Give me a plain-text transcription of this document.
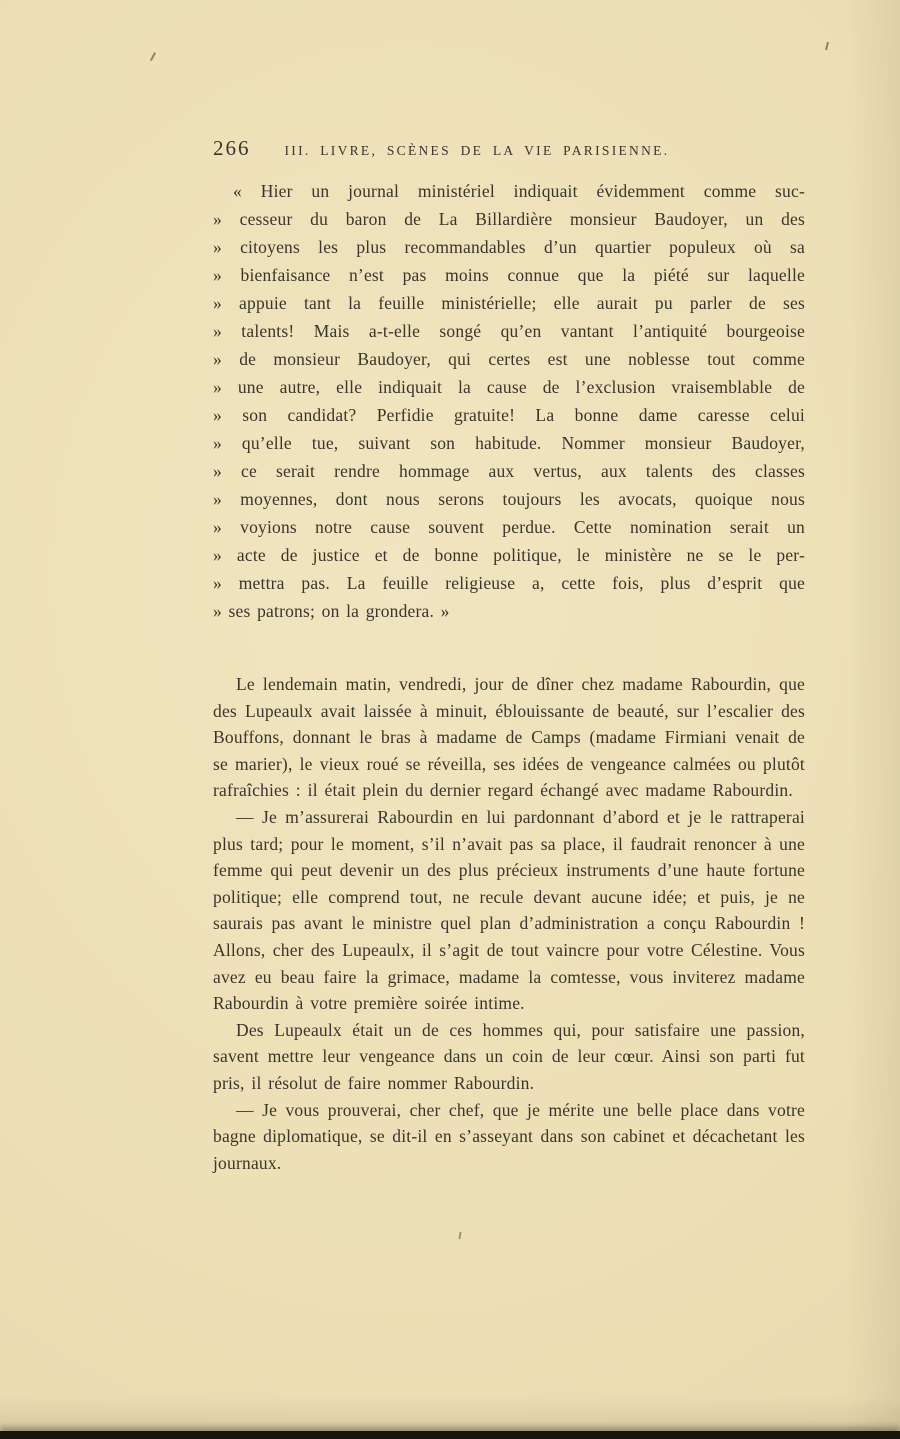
266	III. LIVRE, SCÈNES DE LA VIE PARISIENNE.
« Hier un journal ministériel indiquait évidemment comme suc-
» cesseur du baron de La Billardière monsieur Baudoyer, un des
» citoyens les plus recommandables d’un quartier populeux où sa
» bienfaisance n’est pas moins connue que la piété sur laquelle
» appuie tant la feuille ministérielle; elle aurait pu parler de ses
» talents! Mais a-t-elle songé qu’en vantant l’antiquité bourgeoise
» de monsieur Baudoyer, qui certes est une noblesse tout comme
» une autre, elle indiquait la cause de l’exclusion vraisemblable de
» son candidat? Perfidie gratuite! La bonne dame caresse celui
» qu’elle tue, suivant son habitude. Nommer monsieur Baudoyer,
» ce serait rendre hommage aux vertus, aux talents des classes
» moyennes, dont nous serons toujours les avocats, quoique nous
» voyions notre cause souvent perdue. Cette nomination serait un
» acte de justice et de bonne politique, le ministère ne se le per-
» mettra pas. La feuille religieuse a, cette fois, plus d’esprit que
» ses patrons; on la grondera. »

Le lendemain matin, vendredi, jour de dîner chez madame Rabourdin, que des Lupeaulx avait laissée à minuit, éblouissante de beauté, sur l’escalier des Bouffons, donnant le bras à madame de Camps (madame Firmiani venait de se marier), le vieux roué se réveilla, ses idées de vengeance calmées ou plutôt rafraîchies : il était plein du dernier regard échangé avec madame Rabourdin.

— Je m’assurerai Rabourdin en lui pardonnant d’abord et je le rattraperai plus tard; pour le moment, s’il n’avait pas sa place, il faudrait renoncer à une femme qui peut devenir un des plus précieux instruments d’une haute fortune politique; elle comprend tout, ne recule devant aucune idée; et puis, je ne saurais pas avant le ministre quel plan d’administration a conçu Rabourdin ! Allons, cher des Lupeaulx, il s’agit de tout vaincre pour votre Célestine. Vous avez eu beau faire la grimace, madame la comtesse, vous inviterez madame Rabourdin à votre première soirée intime.

Des Lupeaulx était un de ces hommes qui, pour satisfaire une passion, savent mettre leur vengeance dans un coin de leur cœur. Ainsi son parti fut pris, il résolut de faire nommer Rabourdin.

— Je vous prouverai, cher chef, que je mérite une belle place dans votre bagne diplomatique, se dit-il en s’asseyant dans son cabinet et décachetant les journaux.
